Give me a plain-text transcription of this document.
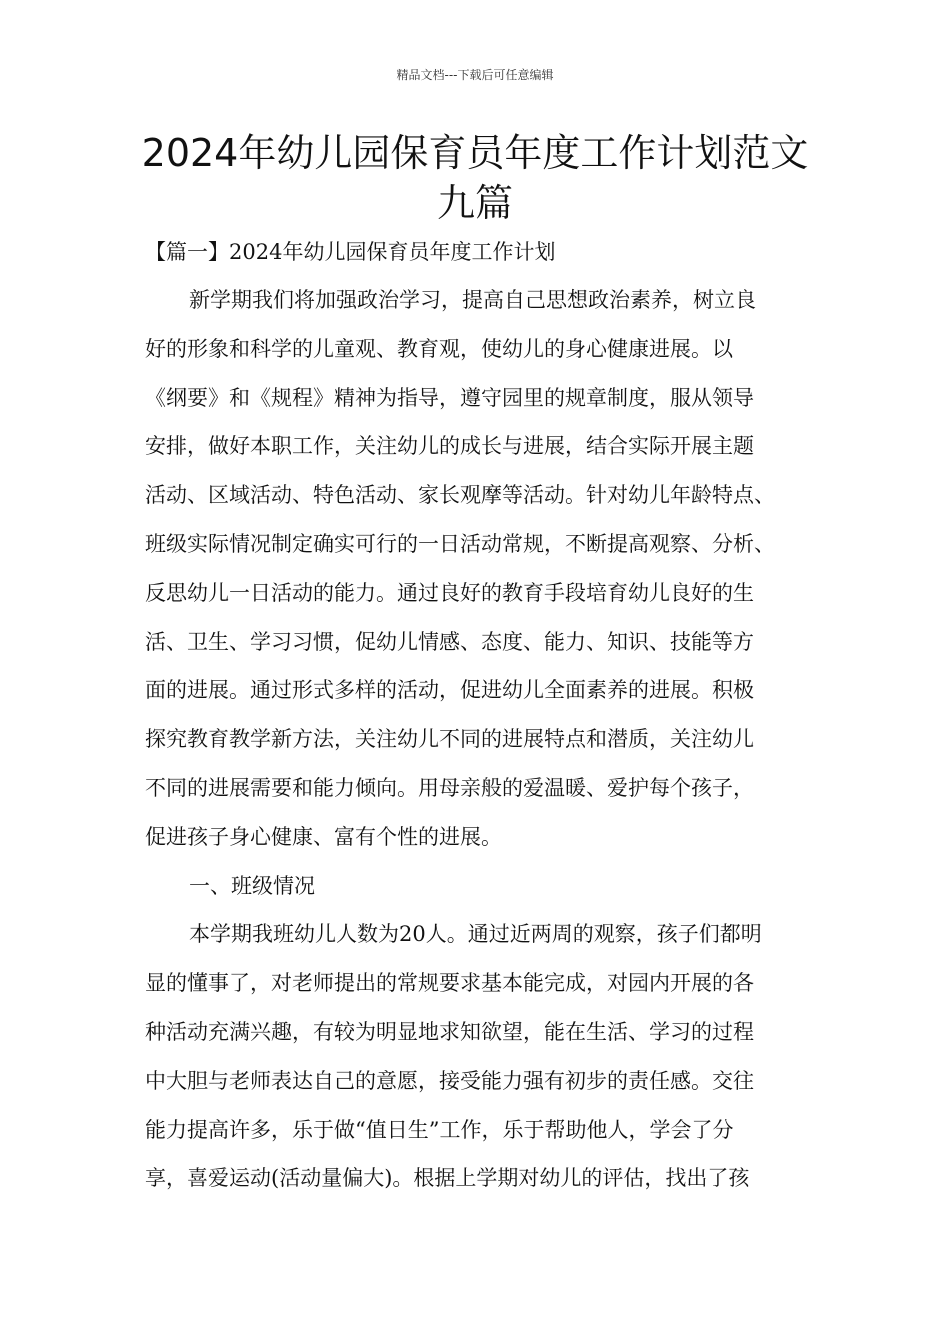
精品文档---下载后可任意编辑
2024年幼儿园保育员年度工作计划范文
九篇
【篇一】2024年幼儿园保育员年度工作计划
新学期我们将加强政治学习，提高自己思想政治素养，树立良
好的形象和科学的儿童观、教育观，使幼儿的身心健康进展。以
《纲要》和《规程》精神为指导，遵守园里的规章制度，服从领导
安排，做好本职工作，关注幼儿的成长与进展，结合实际开展主题
活动、区域活动、特色活动、家长观摩等活动。针对幼儿年龄特点、
班级实际情况制定确实可行的一日活动常规，不断提高观察、分析、
反思幼儿一日活动的能力。通过良好的教育手段培育幼儿良好的生
活、卫生、学习习惯，促幼儿情感、态度、能力、知识、技能等方
面的进展。通过形式多样的活动，促进幼儿全面素养的进展。积极
探究教育教学新方法，关注幼儿不同的进展特点和潜质，关注幼儿
不同的进展需要和能力倾向。用母亲般的爱温暖、爱护每个孩子，
促进孩子身心健康、富有个性的进展。
一、班级情况
本学期我班幼儿人数为20人。通过近两周的观察，孩子们都明
显的懂事了，对老师提出的常规要求基本能完成，对园内开展的各
种活动充满兴趣，有较为明显地求知欲望，能在生活、学习的过程
中大胆与老师表达自己的意愿，接受能力强有初步的责任感。交往
能力提高许多，乐于做“值日生”工作，乐于帮助他人，学会了分
享，喜爱运动(活动量偏大)。根据上学期对幼儿的评估，找出了孩
